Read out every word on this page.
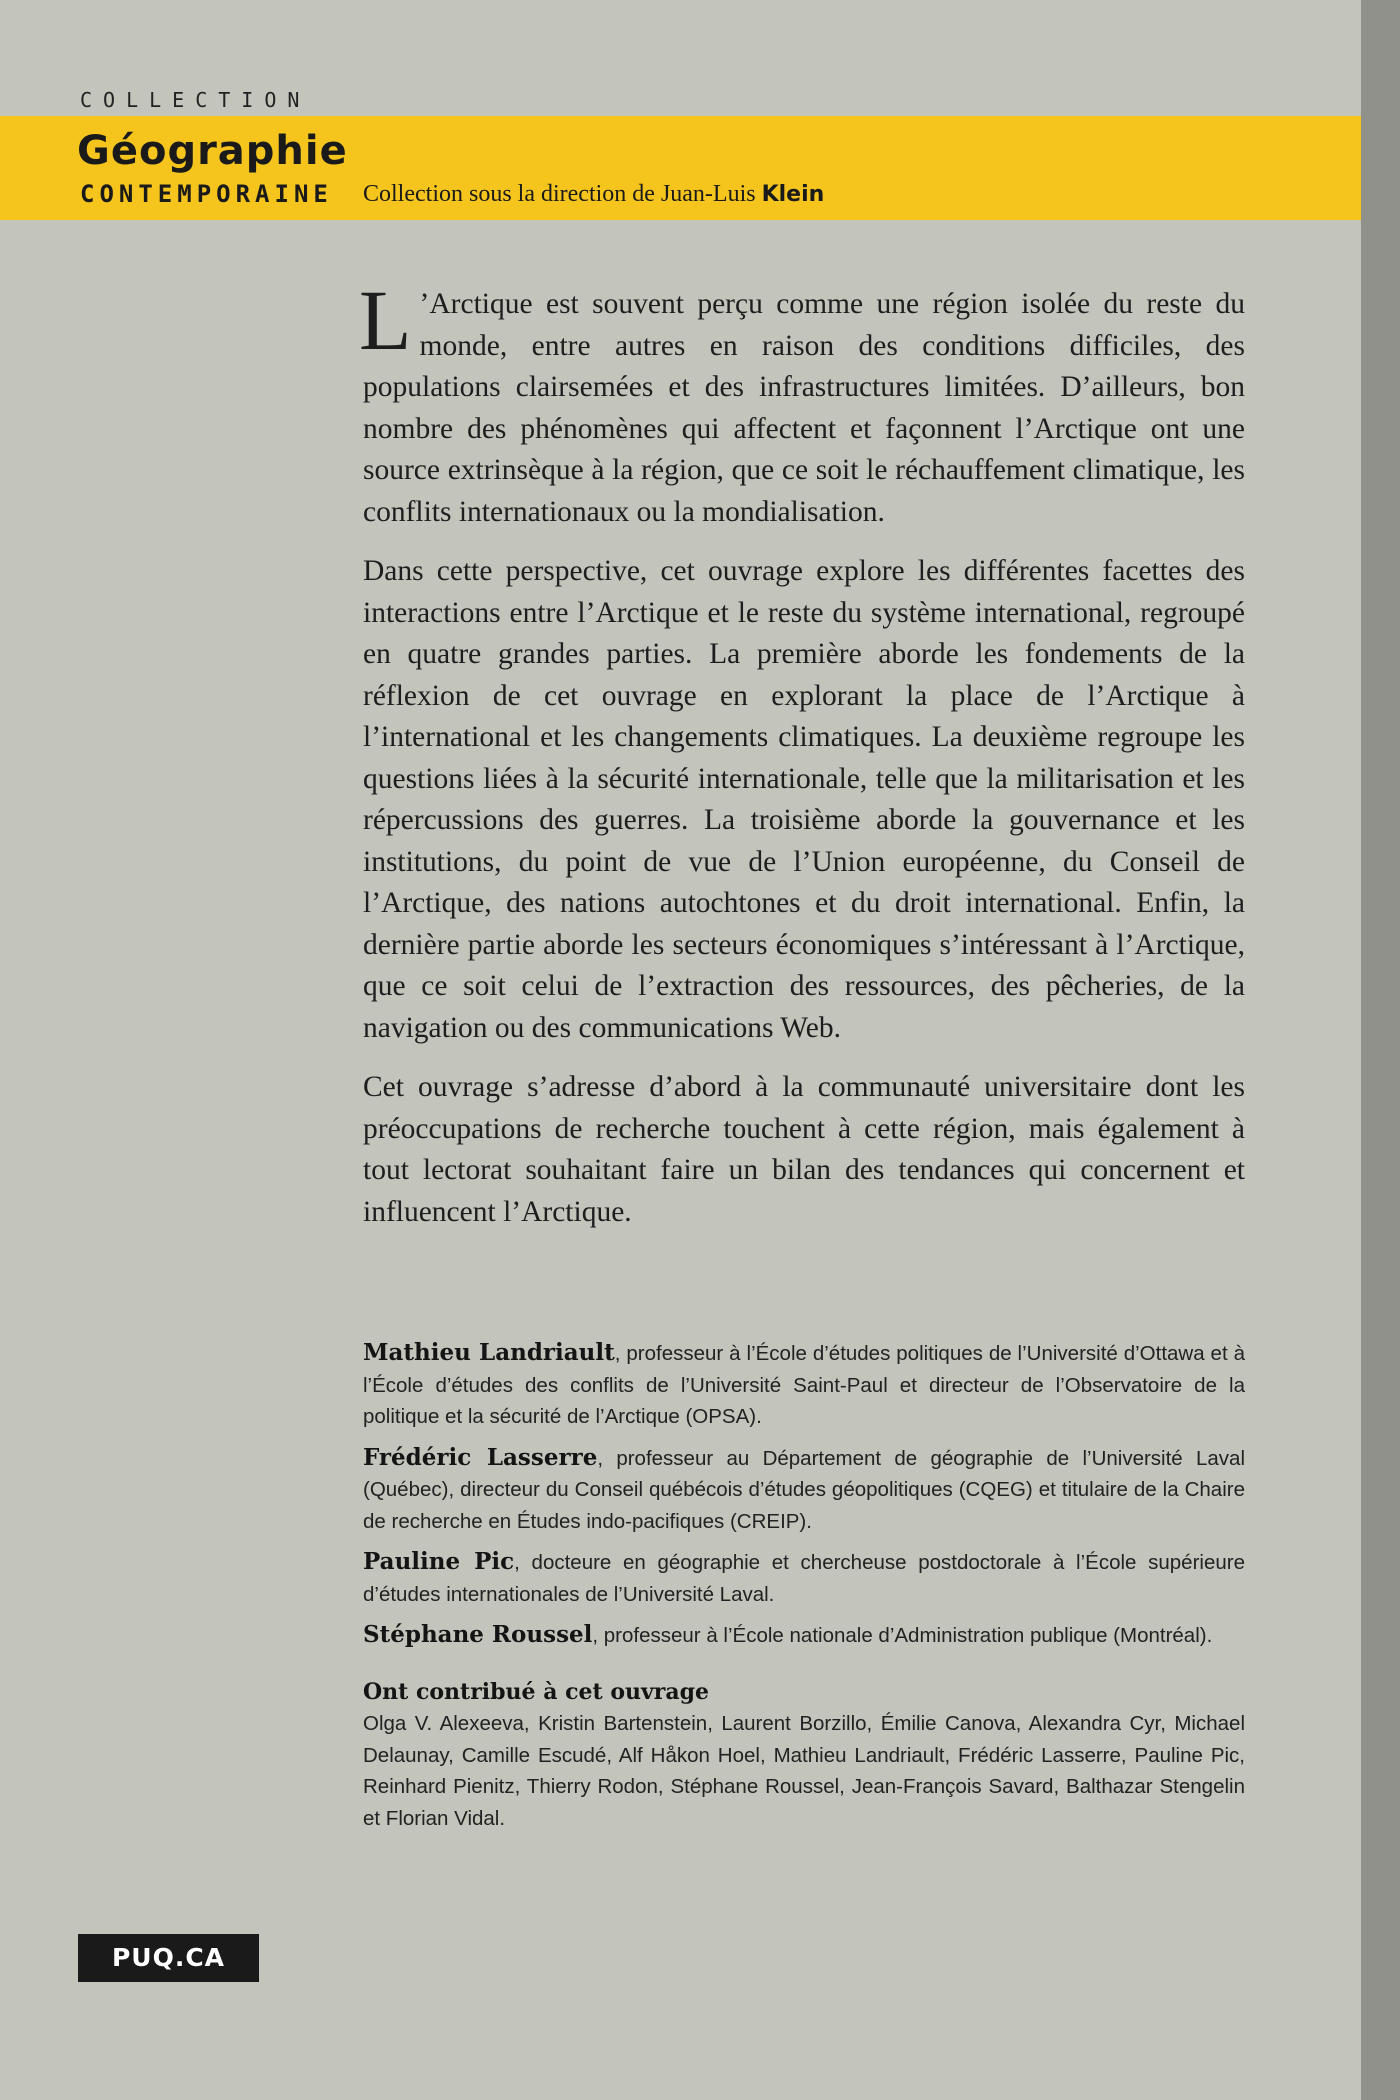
COLLECTION
Géographie
CONTEMPORAINE Collection sous la direction de Juan-Luis Klein

L ’Arctique est souvent perçu comme une région isolée du reste du monde, entre autres en raison des conditions difficiles, des populations clairsemées et des infrastructures limitées. D’ailleurs, bon nombre des phénomènes qui affectent et façonnent l’Arctique ont une source extrinsèque à la région, que ce soit le réchauffement climatique, les conflits internationaux ou la mondialisation.

Dans cette perspective, cet ouvrage explore les différentes facettes des interactions entre l’Arctique et le reste du système international, regroupé en quatre grandes parties. La première aborde les fondements de la réflexion de cet ouvrage en explorant la place de l’Arctique à l’international et les changements climatiques. La deuxième regroupe les questions liées à la sécurité internationale, telle que la militarisation et les répercussions des guerres. La troisième aborde la gouvernance et les institutions, du point de vue de l’Union européenne, du Conseil de l’Arctique, des nations autochtones et du droit international. Enfin, la dernière partie aborde les secteurs économiques s’intéressant à l’Arctique, que ce soit celui de l’extraction des ressources, des pêcheries, de la navigation ou des communications Web.

Cet ouvrage s’adresse d’abord à la communauté universitaire dont les préoccupations de recherche touchent à cette région, mais également à tout lectorat souhaitant faire un bilan des tendances qui concernent et influencent l’Arctique.

Mathieu Landriault, professeur à l’École d’études politiques de l’Université d’Ottawa et à l’École d’études des conflits de l’Université Saint-Paul et directeur de l’Observatoire de la politique et la sécurité de l’Arctique (OPSA).

Frédéric Lasserre, professeur au Département de géographie de l’Université Laval (Québec), directeur du Conseil québécois d’études géopolitiques (CQEG) et titulaire de la Chaire de recherche en Études indo-pacifiques (CREIP).

Pauline Pic, docteure en géographie et chercheuse postdoctorale à l’École supérieure d’études internationales de l’Université Laval.

Stéphane Roussel, professeur à l’École nationale d’Administration publique (Montréal).

Ont contribué à cet ouvrage

Olga V. Alexeeva, Kristin Bartenstein, Laurent Borzillo, Émilie Canova, Alexandra Cyr, Michael Delaunay, Camille Escudé, Alf Håkon Hoel, Mathieu Landriault, Frédéric Lasserre, Pauline Pic, Reinhard Pienitz, Thierry Rodon, Stéphane Roussel, Jean-François Savard, Balthazar Stengelin et Florian Vidal.

PUQ.CA
